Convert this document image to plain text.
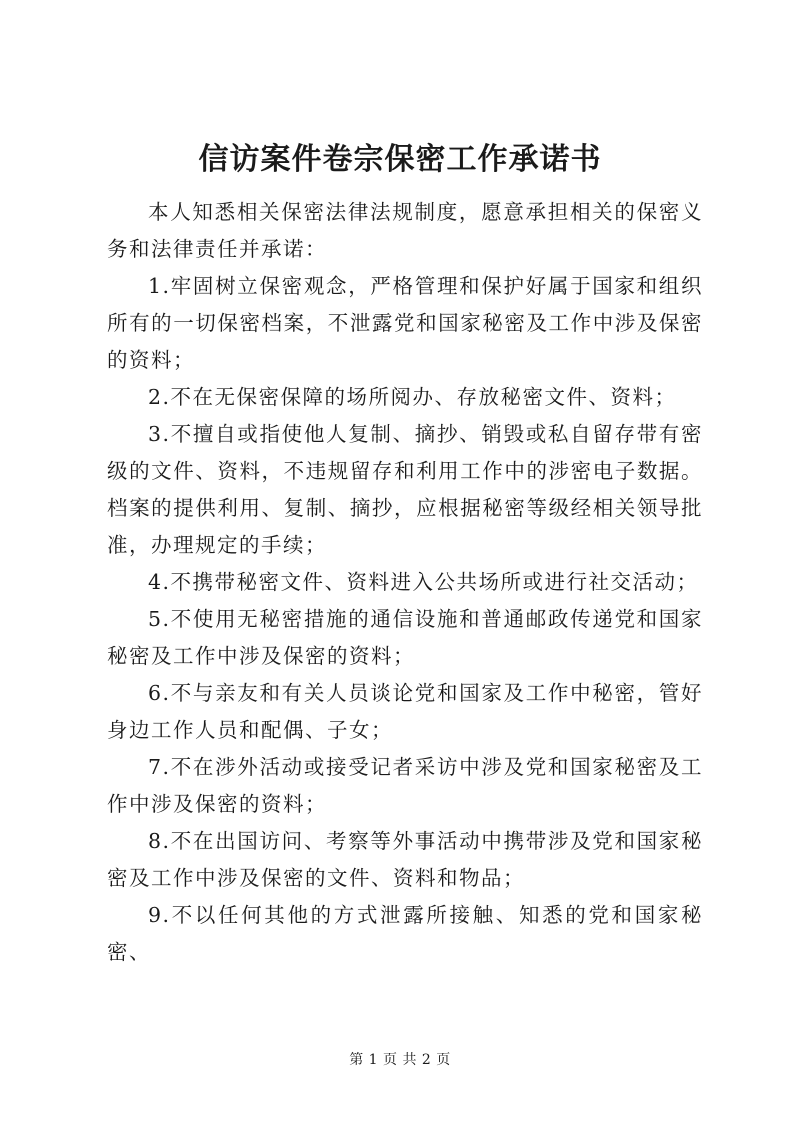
信访案件卷宗保密工作承诺书

本人知悉相关保密法律法规制度，愿意承担相关的保密义务和法律责任并承诺：

1.牢固树立保密观念，严格管理和保护好属于国家和组织所有的一切保密档案，不泄露党和国家秘密及工作中涉及保密的资料；

2.不在无保密保障的场所阅办、存放秘密文件、资料；

3.不擅自或指使他人复制、摘抄、销毁或私自留存带有密级的文件、资料，不违规留存和利用工作中的涉密电子数据。档案的提供利用、复制、摘抄，应根据秘密等级经相关领导批准，办理规定的手续；

4.不携带秘密文件、资料进入公共场所或进行社交活动；

5.不使用无秘密措施的通信设施和普通邮政传递党和国家秘密及工作中涉及保密的资料；

6.不与亲友和有关人员谈论党和国家及工作中秘密，管好身边工作人员和配偶、子女；

7.不在涉外活动或接受记者采访中涉及党和国家秘密及工作中涉及保密的资料；

8.不在出国访问、考察等外事活动中携带涉及党和国家秘密及工作中涉及保密的文件、资料和物品；

9.不以任何其他的方式泄露所接触、知悉的党和国家秘密、

第 1 页 共 2 页
